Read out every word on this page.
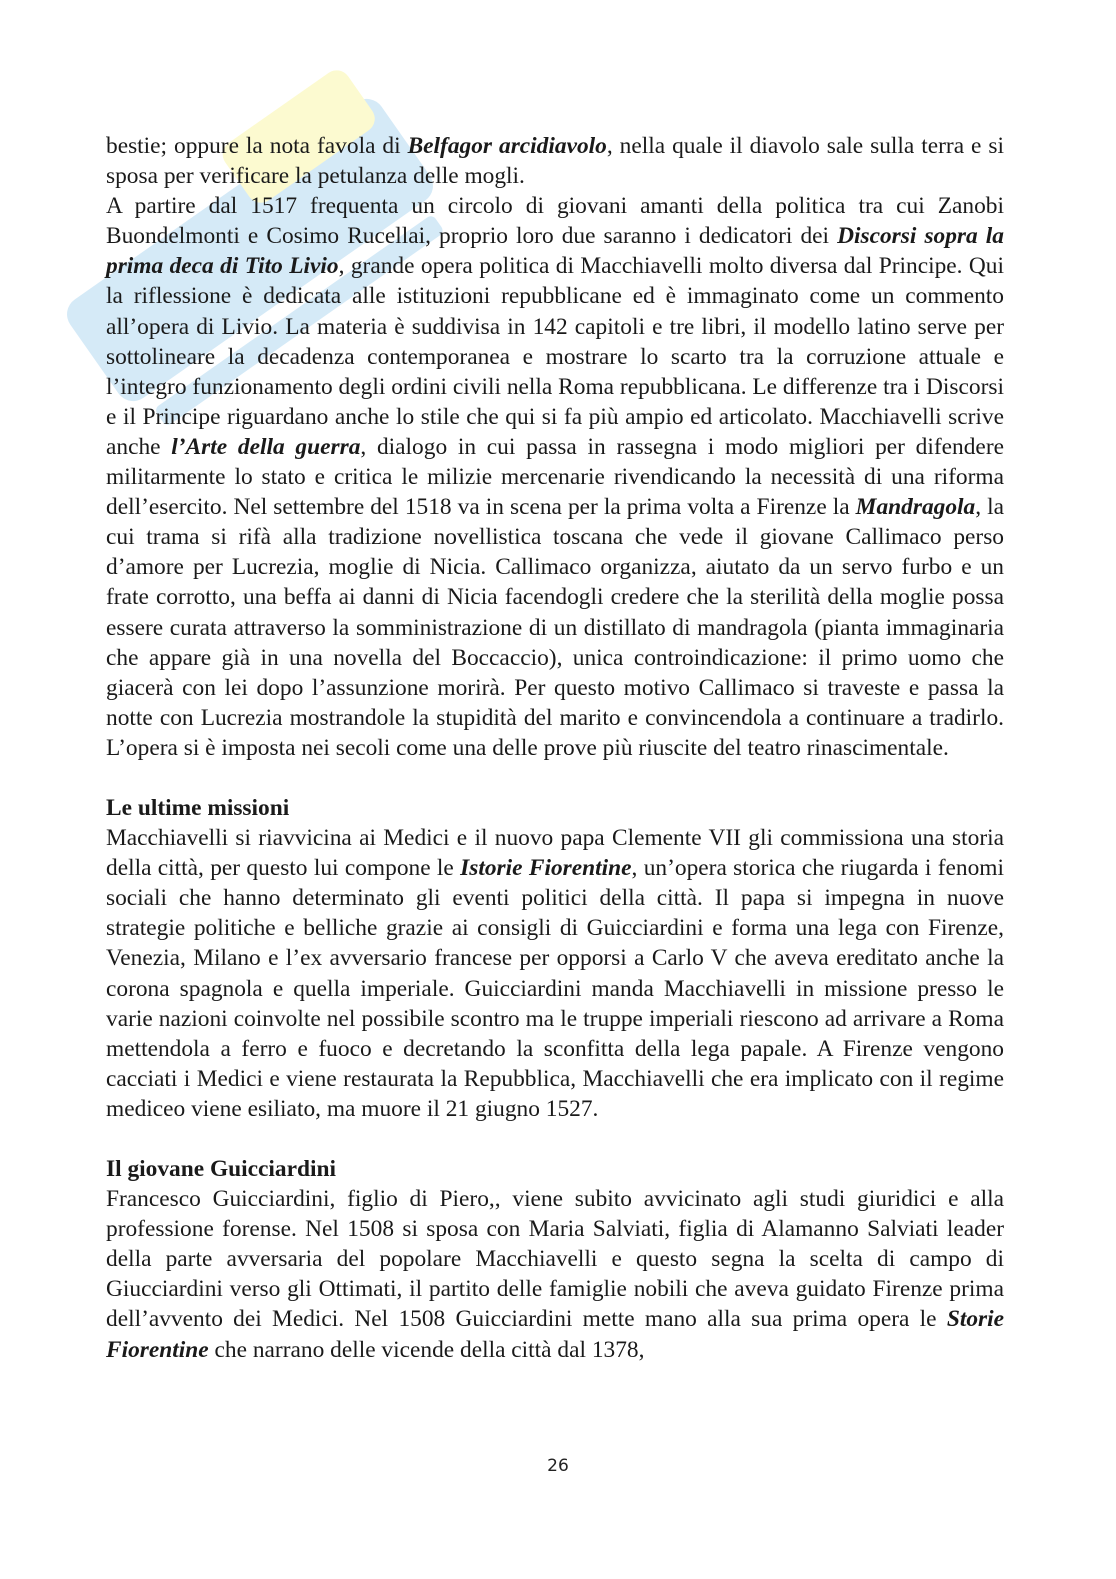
bestie; oppure la nota favola di Belfagor arcidiavolo, nella quale il diavolo sale sulla terra e si sposa per verificare la petulanza delle mogli.

A partire dal 1517 frequenta un circolo di giovani amanti della politica tra cui Zanobi Buondelmonti e Cosimo Rucellai, proprio loro due saranno i dedicatori dei Discorsi sopra la prima deca di Tito Livio, grande opera politica di Macchiavelli molto diversa dal Principe. Qui la riflessione è dedicata alle istituzioni repubblicane ed è immaginato come un commento all’opera di Livio. La materia è suddivisa in 142 capitoli e tre libri, il modello latino serve per sottolineare la decadenza contemporanea e mostrare lo scarto tra la corruzione attuale e l’integro funzionamento degli ordini civili nella Roma repubblicana. Le differenze tra i Discorsi e il Principe riguardano anche lo stile che qui si fa più ampio ed articolato. Macchiavelli scrive anche l’Arte della guerra, dialogo in cui passa in rassegna i modo migliori per difendere militarmente lo stato e critica le milizie mercenarie rivendicando la necessità di una riforma dell’esercito. Nel settembre del 1518 va in scena per la prima volta a Firenze la Mandragola, la cui trama si rifà alla tradizione novellistica toscana che vede il giovane Callimaco perso d’amore per Lucrezia, moglie di Nicia. Callimaco organizza, aiutato da un servo furbo e un frate corrotto, una beffa ai danni di Nicia facendogli credere che la sterilità della moglie possa essere curata attraverso la somministrazione di un distillato di mandragola (pianta immaginaria che appare già in una novella del Boccaccio), unica controindicazione: il primo uomo che giacerà con lei dopo l’assunzione morirà. Per questo motivo Callimaco si traveste e passa la notte con Lucrezia mostrandole la stupidità del marito e convincendola a continuare a tradirlo. L’opera si è imposta nei secoli come una delle prove più riuscite del teatro rinascimentale.

Le ultime missioni

Macchiavelli si riavvicina ai Medici e il nuovo papa Clemente VII gli commissiona una storia della città, per questo lui compone le Istorie Fiorentine, un’opera storica che riugarda i fenomi sociali che hanno determinato gli eventi politici della città. Il papa si impegna in nuove strategie politiche e belliche grazie ai consigli di Guicciardini e forma una lega con Firenze, Venezia, Milano e l’ex avversario francese per opporsi a Carlo V che aveva ereditato anche la corona spagnola e quella imperiale. Guicciardini manda Macchiavelli in missione presso le varie nazioni coinvolte nel possibile scontro ma le truppe imperiali riescono ad arrivare a Roma mettendola a ferro e fuoco e decretando la sconfitta della lega papale. A Firenze vengono cacciati i Medici e viene restaurata la Repubblica, Macchiavelli che era implicato con il regime mediceo viene esiliato, ma muore il 21 giugno 1527.

Il giovane Guicciardini

Francesco Guicciardini, figlio di Piero,, viene subito avvicinato agli studi giuridici e alla professione forense. Nel 1508 si sposa con Maria Salviati, figlia di Alamanno Salviati leader della parte avversaria del popolare Macchiavelli e questo segna la scelta di campo di Giucciardini verso gli Ottimati, il partito delle famiglie nobili che aveva guidato Firenze prima dell’avvento dei Medici. Nel 1508 Guicciardini mette mano alla sua prima opera le Storie Fiorentine che narrano delle vicende della città dal 1378,

26
